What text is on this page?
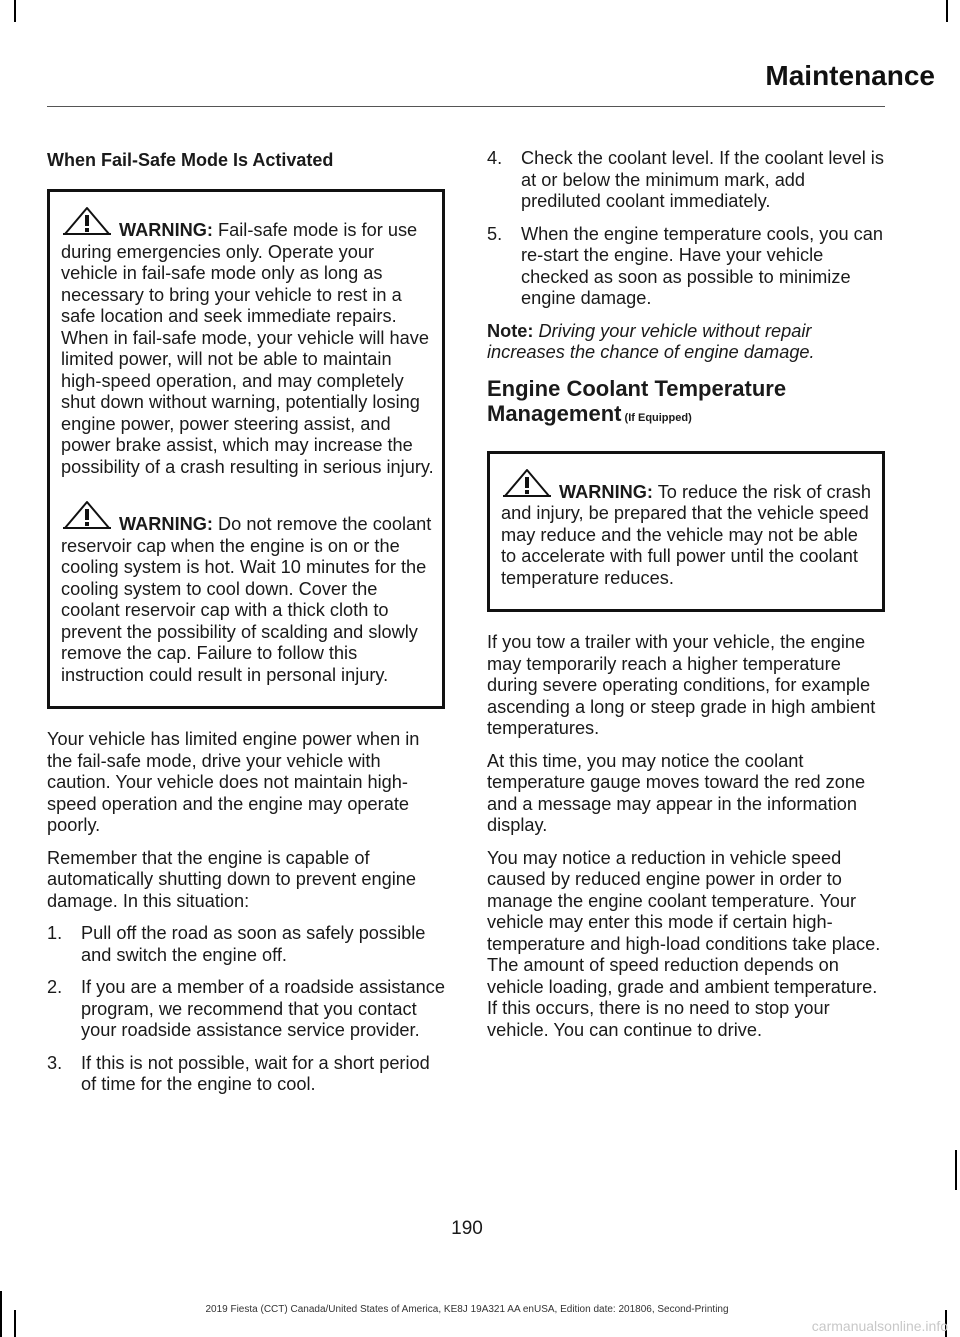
Maintenance
When Fail-Safe Mode Is Activated
WARNING: Fail-safe mode is for use during emergencies only. Operate your vehicle in fail-safe mode only as long as necessary to bring your vehicle to rest in a safe location and seek immediate repairs. When in fail-safe mode, your vehicle will have limited power, will not be able to maintain high-speed operation, and may completely shut down without warning, potentially losing engine power, power steering assist, and power brake assist, which may increase the possibility of a crash resulting in serious injury.
WARNING: Do not remove the coolant reservoir cap when the engine is on or the cooling system is hot. Wait 10 minutes for the cooling system to cool down. Cover the coolant reservoir cap with a thick cloth to prevent the possibility of scalding and slowly remove the cap. Failure to follow this instruction could result in personal injury.

Your vehicle has limited engine power when in the fail-safe mode, drive your vehicle with caution. Your vehicle does not maintain high-speed operation and the engine may operate poorly.

Remember that the engine is capable of automatically shutting down to prevent engine damage. In this situation:

1.	Pull off the road as soon as safely possible and switch the engine off.
2.	If you are a member of a roadside assistance program, we recommend that you contact your roadside assistance service provider.
3.	If this is not possible, wait for a short period of time for the engine to cool.
4.	Check the coolant level. If the coolant level is at or below the minimum mark, add prediluted coolant immediately.
5.	When the engine temperature cools, you can re-start the engine. Have your vehicle checked as soon as possible to minimize engine damage.

Note: Driving your vehicle without repair increases the chance of engine damage.

Engine Coolant Temperature Management (If Equipped)
WARNING: To reduce the risk of crash and injury, be prepared that the vehicle speed may reduce and the vehicle may not be able to accelerate with full power until the coolant temperature reduces.

If you tow a trailer with your vehicle, the engine may temporarily reach a higher temperature during severe operating conditions, for example ascending a long or steep grade in high ambient temperatures.

At this time, you may notice the coolant temperature gauge moves toward the red zone and a message may appear in the information display.

You may notice a reduction in vehicle speed caused by reduced engine power in order to manage the engine coolant temperature. Your vehicle may enter this mode if certain high-temperature and high-load conditions take place. The amount of speed reduction depends on vehicle loading, grade and ambient temperature. If this occurs, there is no need to stop your vehicle. You can continue to drive.

190
2019 Fiesta (CCT) Canada/United States of America, KE8J 19A321 AA enUSA, Edition date: 201806, Second-Printing
carmanualsonline.info
